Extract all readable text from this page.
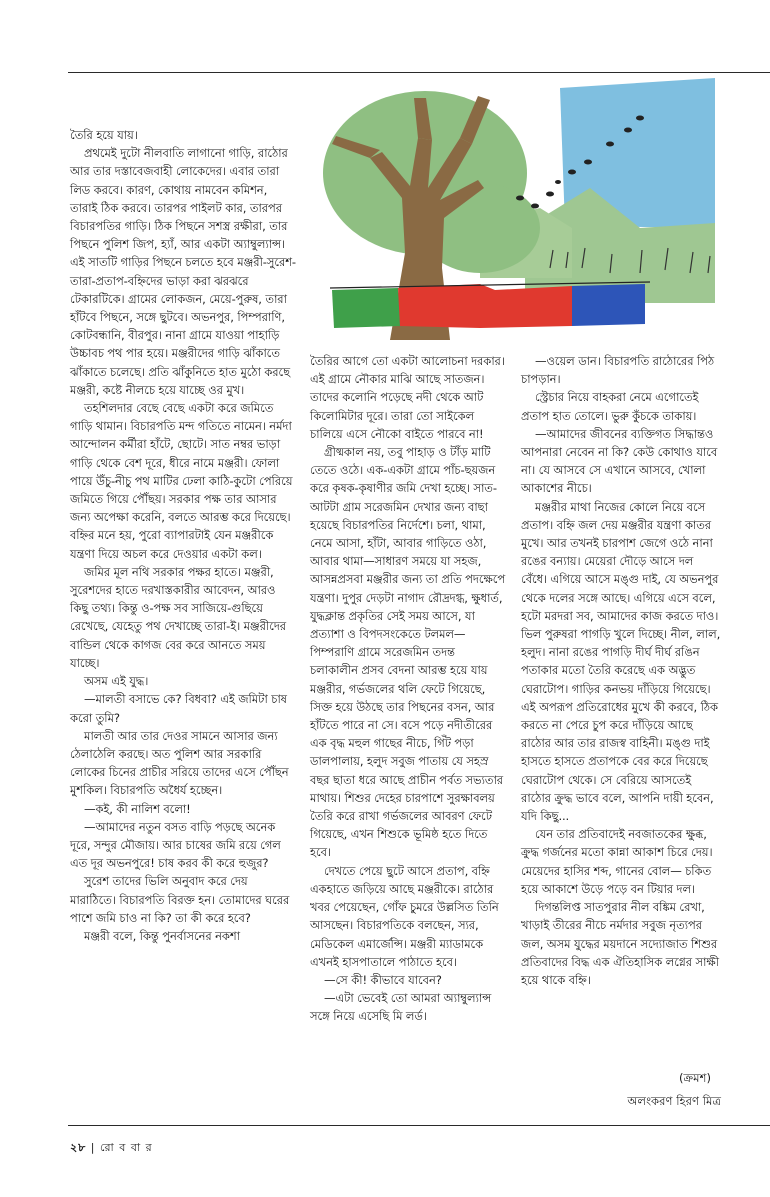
তৈরি হয়ে যায়।

প্রথমেই দুটো নীলবাতি লাগানো গাড়ি, রাঠোর আর তার দস্তাবেজবাহী লোকেদের। এবার তারা লিড করবে। কারণ, কোথায় নামবেন কমিশন, তারাই ঠিক করবে। তারপর পাইলট কার, তারপর বিচারপতির গাড়ি। ঠিক পিছনে সশস্ত্র রক্ষীরা, তার পিছনে পুলিশ জিপ, হ্যাঁ, আর একটা অ্যাম্বুল্যান্স। এই সাতটি গাড়ির পিছনে চলতে হবে মঞ্জরী-সুরেশ-তারা-প্রতাপ-বহ্নিদের ভাড়া করা ঝরঝরে টেকারটিকে। গ্রামের লোকজন, মেয়ে-পুরুষ, তারা হাঁটবে পিছনে, সঙ্গে ছুটবে। অভনপুর, পিম্পরাণি, কোটবন্ধানি, বীরপুর। নানা গ্রামে যাওয়া পাহাড়ি উচ্চাবচ পথ পার হয়ে। মঞ্জরীদের গাড়ি ঝাঁকাতে ঝাঁকাতে চলেছে। প্রতি ঝাঁকুনিতে হাত মুঠো করছে মঞ্জরী, কষ্টে নীলচে হয়ে যাচ্ছে ওর মুখ।

তহশিলদার বেছে বেছে একটা করে জমিতে গাড়ি থামান। বিচারপতি মন্দ গতিতে নামেন। নর্মদা আন্দোলন কর্মীরা হাঁটে, ছোটে। সাত নম্বর ভাড়া গাড়ি থেকে বেশ দূরে, ধীরে নামে মঞ্জরী। ফোলা পায়ে উঁচু-নীচু পথ মাটির ঢেলা কাঠি-কুটো পেরিয়ে জমিতে গিয়ে পৌঁছয়। সরকার পক্ষ তার আসার জন্য অপেক্ষা করেনি, বলতে আরম্ভ করে দিয়েছে। বহ্নির মনে হয়, পুরো ব্যাপারটাই যেন মঞ্জরীকে যন্ত্রণা দিয়ে অচল করে দেওয়ার একটা কল।

জমির মূল নথি সরকার পক্ষর হাতে। মঞ্জরী, সুরেশদের হাতে দরখাস্তকারীর আবেদন, আরও কিছু তথ্য। কিন্তু ও-পক্ষ সব সাজিয়ে-গুছিয়ে রেখেছে, যেহেতু পথ দেখাচ্ছে তারা-ই। মঞ্জরীদের বান্ডিল থেকে কাগজ বের করে আনতে সময় যাচ্ছে।

অসম এই যুদ্ধ।

—মালতী বসাভে কে? বিধবা? এই জমিটা চাষ করো তুমি?

মালতী আর তার দেওর সামনে আসার জন্য ঠেলাঠেলি করছে। অত পুলিশ আর সরকারি লোকের চিনের প্রাচীর সরিয়ে তাদের এসে পৌঁছন মুশকিল। বিচারপতি অধৈর্য হচ্ছেন।

—কই, কী নালিশ বলো!

—আমাদের নতুন বসত বাড়ি পড়ছে অনেক দূরে, সন্দুর মৌজায়। আর চাষের জমি রয়ে গেল এত দূর অভনপুরে! চাষ করব কী করে হুজুর?

সুরেশ তাদের ভিলি অনুবাদ করে দেয় মারাঠিতে। বিচারপতি বিরক্ত হন। তোমাদের ঘরের পাশে জমি চাও না কি? তা কী করে হবে?

মঞ্জরী বলে, কিন্তু পুনর্বাসনের নকশা

তৈরির আগে তো একটা আলোচনা দরকার। এই গ্রামে নৌকার মাঝি আছে সাতজন। তাদের কলোনি পড়েছে নদী থেকে আট কিলোমিটার দূরে। তারা তো সাইকেল চালিয়ে এসে নৌকো বাইতে পারবে না!

গ্রীষ্মকাল নয়, তবু পাহাড় ও টাঁড় মাটি তেতে ওঠে। এক-একটা গ্রামে পাঁচ-ছয়জন করে কৃষক-কৃষাণীর জমি দেখা হচ্ছে। সাত-আটটা গ্রাম সরেজমিন দেখার জন্য বাছা হয়েছে বিচারপতির নির্দেশে। চলা, থামা, নেমে আসা, হাঁটা, আবার গাড়িতে ওঠা, আবার থামা—সাধারণ সময়ে যা সহজ, আসন্নপ্রসবা মঞ্জরীর জন্য তা প্রতি পদক্ষেপে যন্ত্রণা। দুপুর দেড়টা নাগাদ রৌদ্রদগ্ধ, ক্ষুধার্ত, যুদ্ধক্লান্ত প্রকৃতির সেই সময় আসে, যা প্রত্যাশা ও বিপদসংকেতে টলমল—পিম্পরাণি গ্রামে সরেজমিন তদন্ত চলাকালীন প্রসব বেদনা আরম্ভ হয়ে যায় মঞ্জরীর, গর্ভজলের থলি ফেটে গিয়েছে, সিক্ত হয়ে উঠছে তার পিছনের বসন, আর হাঁটতে পারে না সে। বসে পড়ে নদীতীরের এক বৃদ্ধ মহুল গাছের নীচে, গিঁট পড়া ডালপালায়, হলুদ সবুজ পাতায় যে সহস্র বছর ছাতা ধরে আছে প্রাচীন পর্বত সভ্যতার মাথায়। শিশুর দেহের চারপাশে সুরক্ষাবলয় তৈরি করে রাখা গর্ভজলের আবরণ ফেটে গিয়েছে, এখন শিশুকে ভূমিষ্ঠ হতে দিতে হবে।

দেখতে পেয়ে ছুটে আসে প্রতাপ, বহ্নি একহাতে জড়িয়ে আছে মঞ্জরীকে। রাঠোর খবর পেয়েছেন, গোঁফ চুমরে উল্লসিত তিনি আসছেন। বিচারপতিকে বলছেন, স্যর, মেডিকেল এমার্জেন্সি। মঞ্জরী ম্যাডামকে এখনই হাসপাতালে পাঠাতে হবে।

—সে কী! কীভাবে যাবেন?

—এটা ভেবেই তো আমরা অ্যাম্বুল্যান্স সঙ্গে নিয়ে এসেছি মি লর্ড।

—ওয়েল ডান। বিচারপতি রাঠোরের পিঠ চাপড়ান।

স্ট্রেচার নিয়ে বাহকরা নেমে এগোতেই প্রতাপ হাত তোলে। ভুরু কুঁচকে তাকায়।

—আমাদের জীবনের ব্যক্তিগত সিদ্ধান্তও আপনারা নেবেন না কি? কেউ কোথাও যাবে না। যে আসবে সে এখানে আসবে, খোলা আকাশের নীচে।

মঞ্জরীর মাথা নিজের কোলে নিয়ে বসে প্রতাপ। বহ্নি জল দেয় মঞ্জরীর যন্ত্রণা কাতর মুখে। আর তখনই চারপাশ জেগে ওঠে নানা রঙের বন্যায়। মেয়েরা দৌড়ে আসে দল বেঁধে। এগিয়ে আসে মঙ্গু দাই, যে অভনপুর থেকে দলের সঙ্গে আছে। এগিয়ে এসে বলে, হটো মরদরা সব, আমাদের কাজ করতে দাও। ভিল পুরুষরা পাগড়ি খুলে দিচ্ছে। নীল, লাল, হলুদ। নানা রঙের পাগড়ি দীর্ঘ দীর্ঘ রঙিন পতাকার মতো তৈরি করেছে এক অদ্ভুত ঘেরাটোপ। গাড়ির কনভয় দাঁড়িয়ে গিয়েছে। এই অপরূপ প্রতিরোধের মুখে কী করবে, ঠিক করতে না পেরে চুপ করে দাঁড়িয়ে আছে রাঠোর আর তার রাজস্ব বাহিনী। মঙ্গু দাই হাসতে হাসতে প্রতাপকে বের করে দিয়েছে ঘেরাটোপ থেকে। সে বেরিয়ে আসতেই রাঠোর ক্রুদ্ধ ভাবে বলে, আপনি দায়ী হবেন, যদি কিছু...

যেন তার প্রতিবাদেই নবজাতকের ক্ষুব্ধ, ক্রুদ্ধ গর্জনের মতো কান্না আকাশ চিরে দেয়। মেয়েদের হাসির শব্দ, গানের বোল— চকিত হয়ে আকাশে উড়ে পড়ে বন টিয়ার দল।

দিগন্তলিপ্ত সাতপুরার নীল বঙ্কিম রেখা, খাড়াই তীরের নীচে নর্মদার সবুজ নৃত্যপর জল, অসম যুদ্ধের ময়দানে সদ্যোজাত শিশুর প্রতিবাদের বিদ্ধ এক ঐতিহাসিক লগ্নের সাক্ষী হয়ে থাকে বহ্নি।

(ক্রমশ)
অলংকরণ হিরণ মিত্র
২৮ | রো ব বা র
